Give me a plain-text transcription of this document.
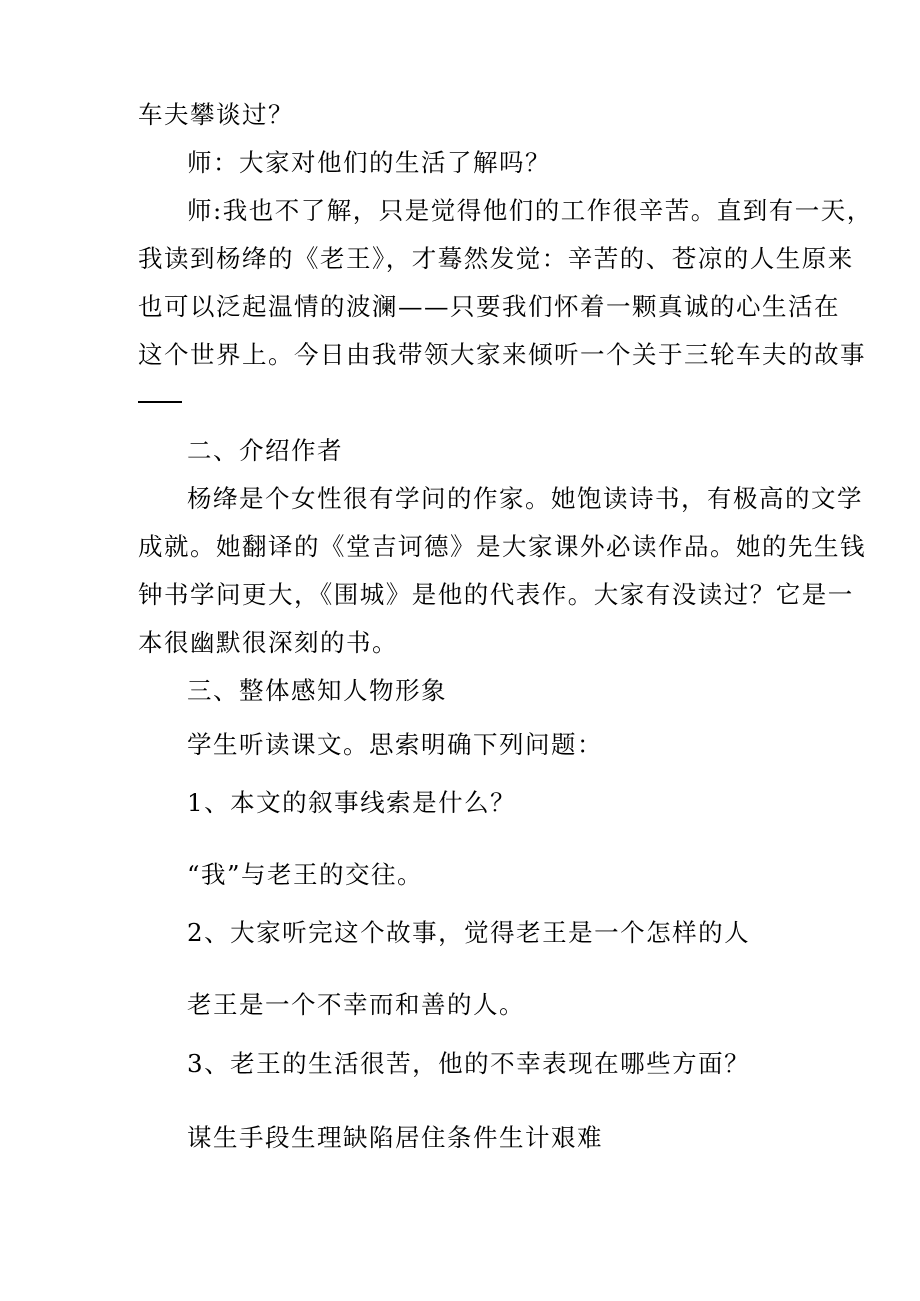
车夫攀谈过？

师：大家对他们的生活了解吗？

师:我也不了解，只是觉得他们的工作很辛苦。直到有一天，

我读到杨绛的《老王》，才蓦然发觉：辛苦的、苍凉的人生原来

也可以泛起温情的波澜——只要我们怀着一颗真诚的心生活在

这个世界上。今日由我带领大家来倾听一个关于三轮车夫的故事

二、介绍作者

杨绛是个女性很有学问的作家。她饱读诗书，有极高的文学

成就。她翻译的《堂吉诃德》是大家课外必读作品。她的先生钱

钟书学问更大，《围城》是他的代表作。大家有没读过？它是一

本很幽默很深刻的书。

三、整体感知人物形象

学生听读课文。思索明确下列问题：

1、本文的叙事线索是什么？

“我”与老王的交往。

2、大家听完这个故事，觉得老王是一个怎样的人

老王是一个不幸而和善的人。

3、老王的生活很苦，他的不幸表现在哪些方面？

谋生手段生理缺陷居住条件生计艰难
